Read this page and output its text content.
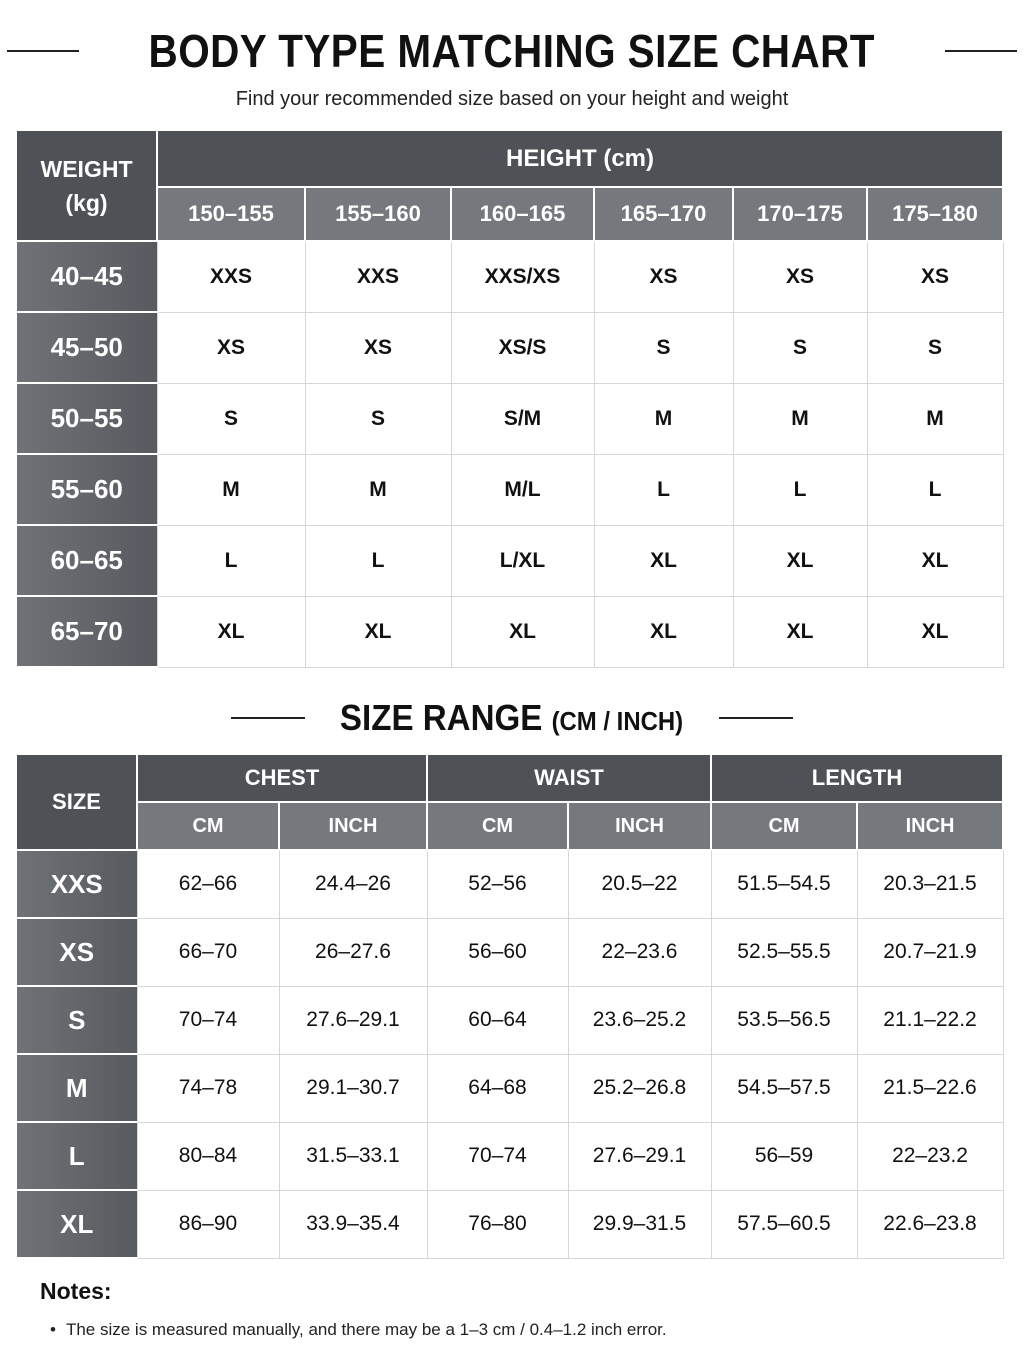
BODY TYPE MATCHING SIZE CHART
Find your recommended size based on your height and weight
WEIGHT
(kg)	HEIGHT (cm)					
	150–155	155–160	160–165	165–170	170–175	175–180
40–45	XXS	XXS	XXS/XS	XS	XS	XS
45–50	XS	XS	XS/S	S	S	S
50–55	S	S	S/M	M	M	M
55–60	M	M	M/L	L	L	L
60–65	L	L	L/XL	XL	XL	XL
65–70	XL	XL	XL	XL	XL	XL
SIZE RANGE (CM / INCH)
SIZE	CHEST		WAIST		LENGTH	
	CM	INCH	CM	INCH	CM	INCH
XXS	62–66	24.4–26	52–56	20.5–22	51.5–54.5	20.3–21.5
XS	66–70	26–27.6	56–60	22–23.6	52.5–55.5	20.7–21.9
S	70–74	27.6–29.1	60–64	23.6–25.2	53.5–56.5	21.1–22.2
M	74–78	29.1–30.7	64–68	25.2–26.8	54.5–57.5	21.5–22.6
L	80–84	31.5–33.1	70–74	27.6–29.1	56–59	22–23.2
XL	86–90	33.9–35.4	76–80	29.9–31.5	57.5–60.5	22.6–23.8
Notes:
• The size is measured manually, and there may be a 1–3 cm / 0.4–1.2 inch error.
